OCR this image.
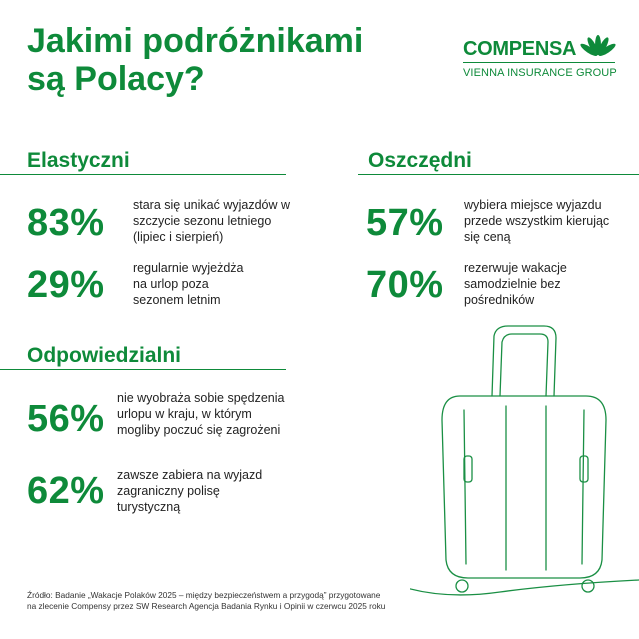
Jakimi podróżnikami
są Polacy?
COMPENSA
VIENNA INSURANCE GROUP
Elastyczni
83%	stara się unikać wyjazdów w szczycie sezonu letniego (lipiec i sierpień)
29%	regularnie wyjeżdża na urlop poza sezonem letnim
Oszczędni
57%	wybiera miejsce wyjazdu przede wszystkim kierując się ceną
70%	rezerwuje wakacje samodzielnie bez pośredników
Odpowiedzialni
56% nie wyobraża sobie spędzenia urlopu w kraju, w którym mogliby poczuć się zagrożeni
62% zawsze zabiera na wyjazd zagraniczny polisę turystyczną
Źródło: Badanie „Wakacje Polaków 2025 – między bezpieczeństwem a przygodą” przygotowane
na zlecenie Compensy przez SW Research Agencja Badania Rynku i Opinii w czerwcu 2025 roku
